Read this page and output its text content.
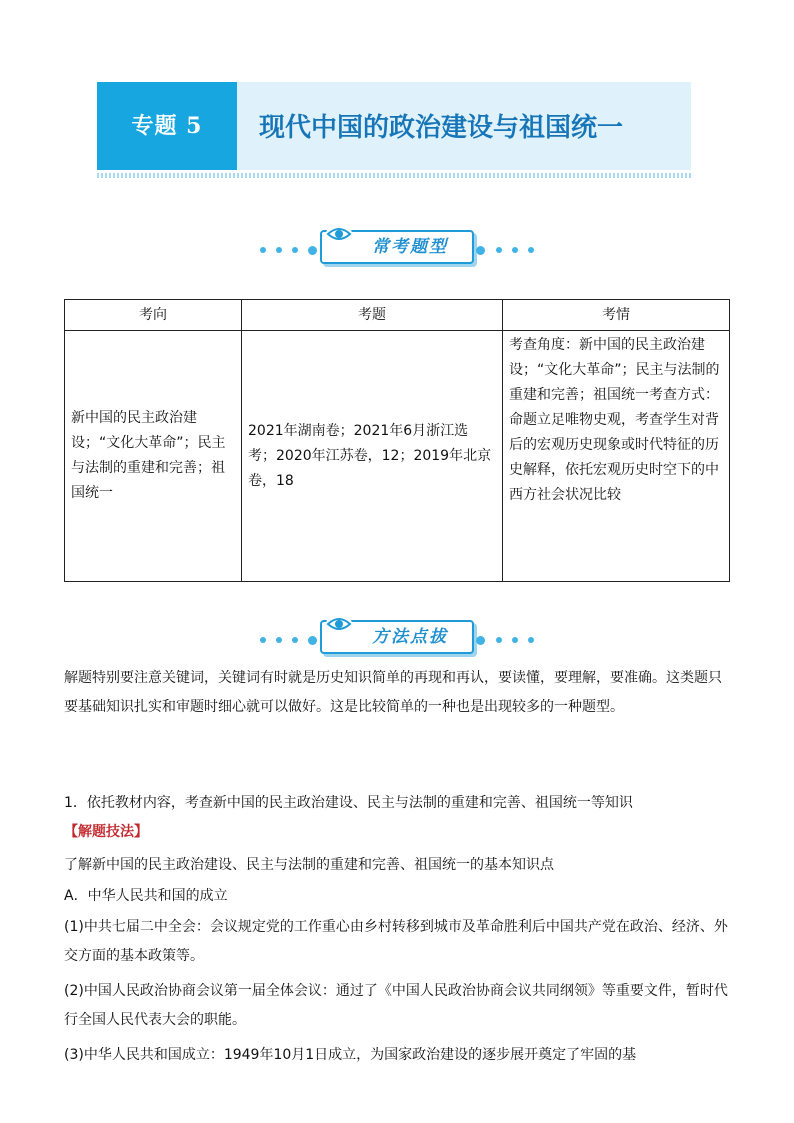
专题 5	现代中国的政治建设与祖国统一
常考题型
考向	考题	考情
新中国的民主政治建设；“文化大革命”；民主与法制的重建和完善；祖国统一	2021年湖南卷；2021年6月浙江选考；2020年江苏卷，12；2019年北京卷，18	考查角度：新中国的民主政治建设；“文化大革命”；民主与法制的重建和完善；祖国统一考查方式：命题立足唯物史观，考查学生对背后的宏观历史现象或时代特征的历史解释，依托宏观历史时空下的中西方社会状况比较
方法点拔
解题特别要注意关键词，关键词有时就是历史知识简单的再现和再认，要读懂，要理解，要准确。这类题只要基础知识扎实和审题时细心就可以做好。这是比较简单的一种也是出现较多的一种题型。
1．依托教材内容，考查新中国的民主政治建设、民主与法制的重建和完善、祖国统一等知识
【解题技法】
了解新中国的民主政治建设、民主与法制的重建和完善、祖国统一的基本知识点
A．中华人民共和国的成立
(1)中共七届二中全会：会议规定党的工作重心由乡村转移到城市及革命胜利后中国共产党在政治、经济、外交方面的基本政策等。
(2)中国人民政治协商会议第一届全体会议：通过了《中国人民政治协商会议共同纲领》等重要文件，暂时代行全国人民代表大会的职能。
(3)中华人民共和国成立：1949年10月1日成立，为国家政治建设的逐步展开奠定了牢固的基
